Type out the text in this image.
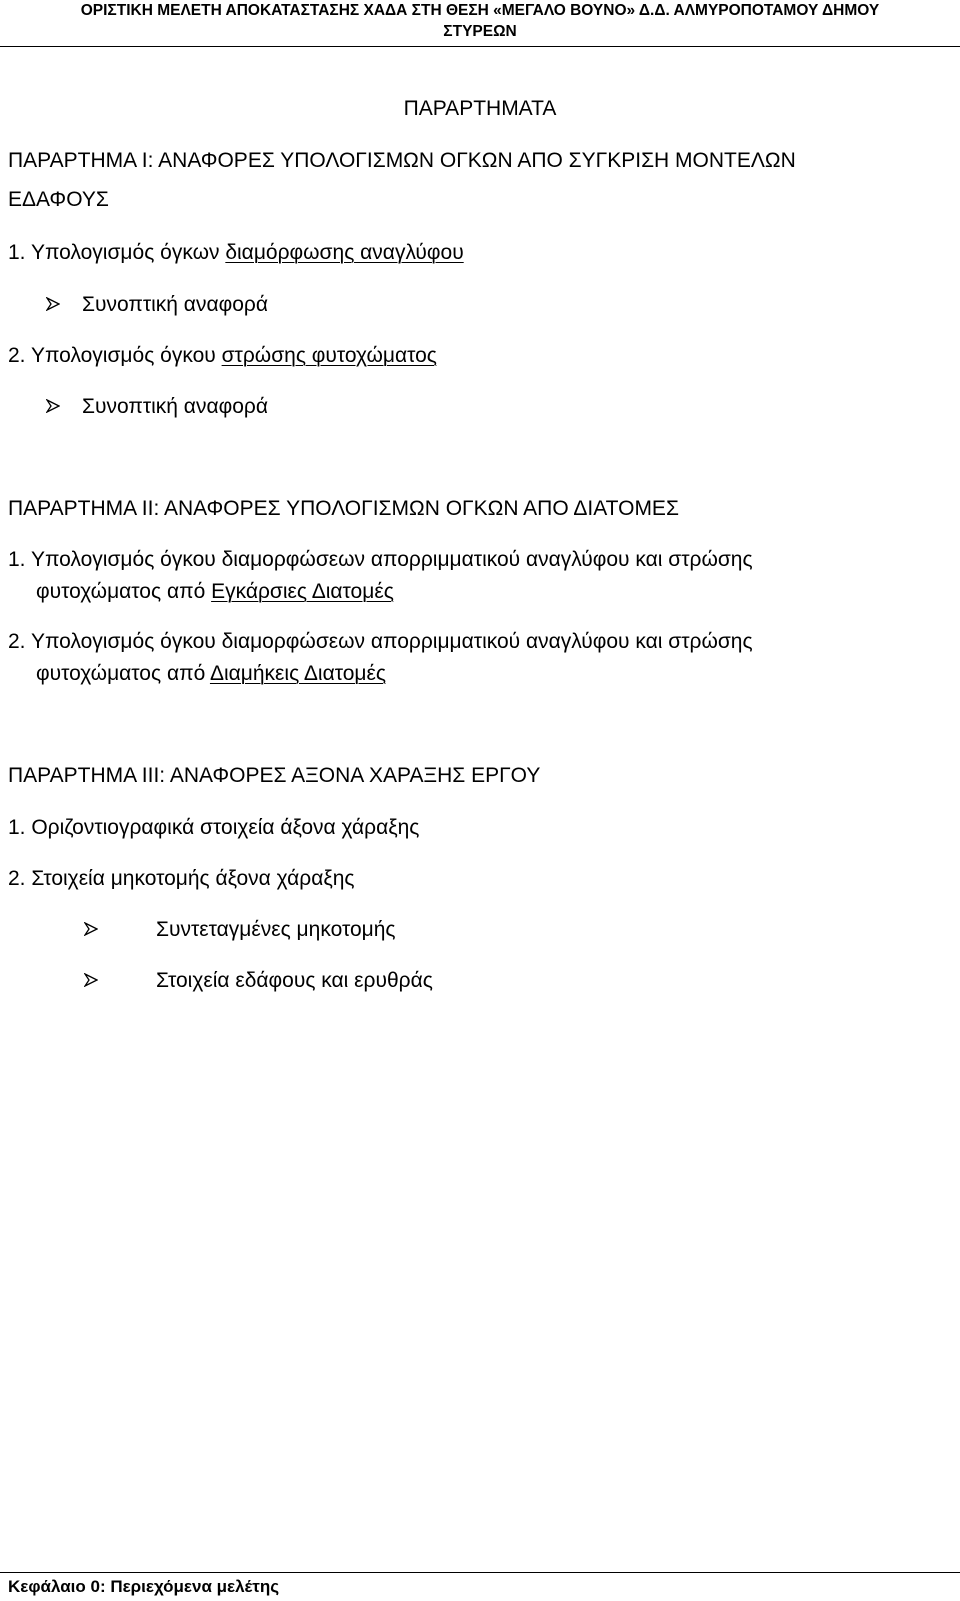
ΟΡΙΣΤΙΚΗ ΜΕΛΕΤΗ ΑΠΟΚΑΤΑΣΤΑΣΗΣ ΧΑΔΑ ΣΤΗ ΘΕΣΗ «ΜΕΓΑΛΟ ΒΟΥΝΟ» Δ.Δ. ΑΛΜΥΡΟΠΟΤΑΜΟΥ ΔΗΜΟΥ
ΣΤΥΡΕΩΝ
ΠΑΡΑΡΤΗΜΑΤΑ
ΠΑΡΑΡΤΗΜΑ Ι: ΑΝΑΦΟΡΕΣ ΥΠΟΛΟΓΙΣΜΩΝ ΟΓΚΩΝ ΑΠΟ ΣΥΓΚΡΙΣΗ ΜΟΝΤΕΛΩΝ
ΕΔΑΦΟΥΣ
1. Υπολογισμός όγκων διαμόρφωσης αναγλύφου
Συνοπτική αναφορά
2. Υπολογισμός όγκου στρώσης φυτοχώματος
Συνοπτική αναφορά
ΠΑΡΑΡΤΗΜΑ ΙΙ: ΑΝΑΦΟΡΕΣ ΥΠΟΛΟΓΙΣΜΩΝ ΟΓΚΩΝ ΑΠΟ ΔΙΑΤΟΜΕΣ
1. Υπολογισμός όγκου διαμορφώσεων απορριμματικού αναγλύφου και στρώσης
φυτοχώματος από Εγκάρσιες Διατομές
2. Υπολογισμός όγκου διαμορφώσεων απορριμματικού αναγλύφου και στρώσης
φυτοχώματος από Διαμήκεις Διατομές
ΠΑΡΑΡΤΗΜΑ ΙΙΙ: ΑΝΑΦΟΡΕΣ ΑΞΟΝΑ ΧΑΡΑΞΗΣ ΕΡΓΟΥ
1. Οριζοντιογραφικά στοιχεία άξονα χάραξης
2. Στοιχεία μηκοτομής άξονα χάραξης
Συντεταγμένες μηκοτομής
Στοιχεία εδάφους και ερυθράς
Κεφάλαιο 0: Περιεχόμενα μελέτης
